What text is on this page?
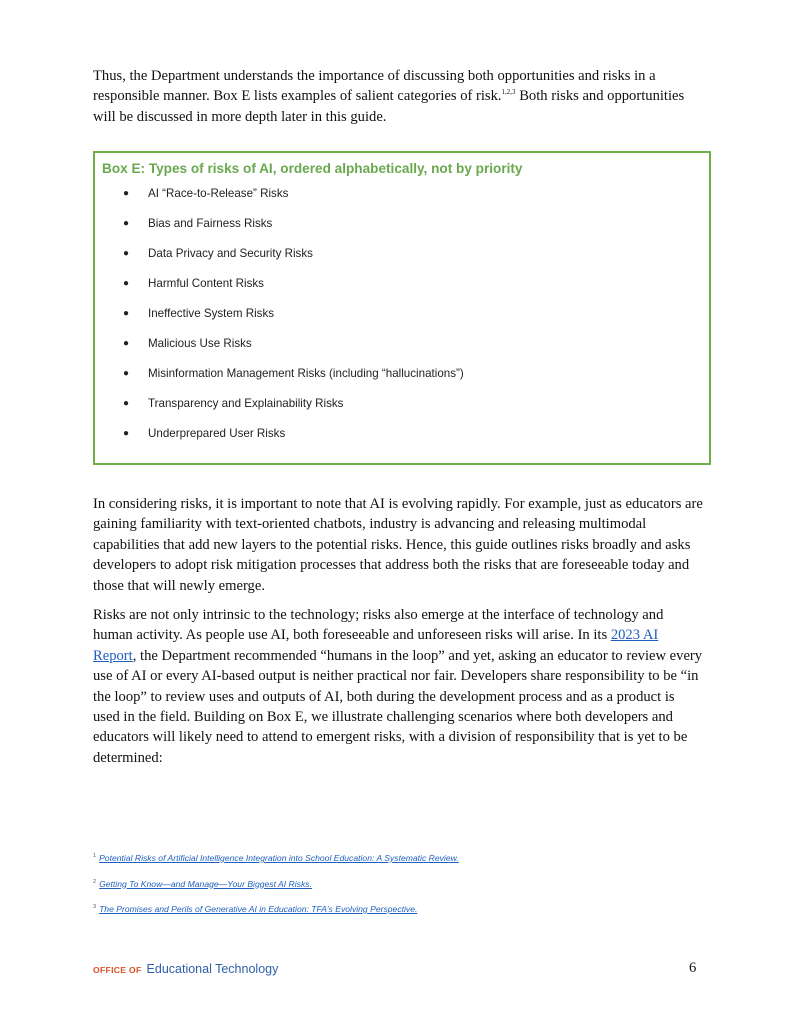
Thus, the Department understands the importance of discussing both opportunities and risks in a responsible manner. Box E lists examples of salient categories of risk.$^{1,2,3}$ Both risks and opportunities will be discussed in more depth later in this guide.

Box E: Types of risks of AI, ordered alphabetically, not by priority
● AI “Race-to-Release” Risks
● Bias and Fairness Risks
● Data Privacy and Security Risks
● Harmful Content Risks
● Ineffective System Risks
● Malicious Use Risks
● Misinformation Management Risks (including “hallucinations”)
● Transparency and Explainability Risks
● Underprepared User Risks

In considering risks, it is important to note that AI is evolving rapidly. For example, just as educators are gaining familiarity with text-oriented chatbots, industry is advancing and releasing multimodal capabilities that add new layers to the potential risks. Hence, this guide outlines risks broadly and asks developers to adopt risk mitigation processes that address both the risks that are foreseeable today and those that will newly emerge.

Risks are not only intrinsic to the technology; risks also emerge at the interface of technology and human activity. As people use AI, both foreseeable and unforeseen risks will arise. In its 2023 AI Report, the Department recommended “humans in the loop” and yet, asking an educator to review every use of AI or every AI-based output is neither practical nor fair. Developers share responsibility to be “in the loop” to review uses and outputs of AI, both during the development process and as a product is used in the field. Building on Box E, we illustrate challenging scenarios where both developers and educators will likely need to attend to emergent risks, with a division of responsibility that is yet to be determined:

$^1$ Potential Risks of Artificial Intelligence Integration into School Education: A Systematic Review.
$^2$ Getting To Know—and Manage—Your Biggest AI Risks.
$^3$ The Promises and Perils of Generative AI in Education: TFA's Evolving Perspective.
OFFICE OF Educational Technology	6
